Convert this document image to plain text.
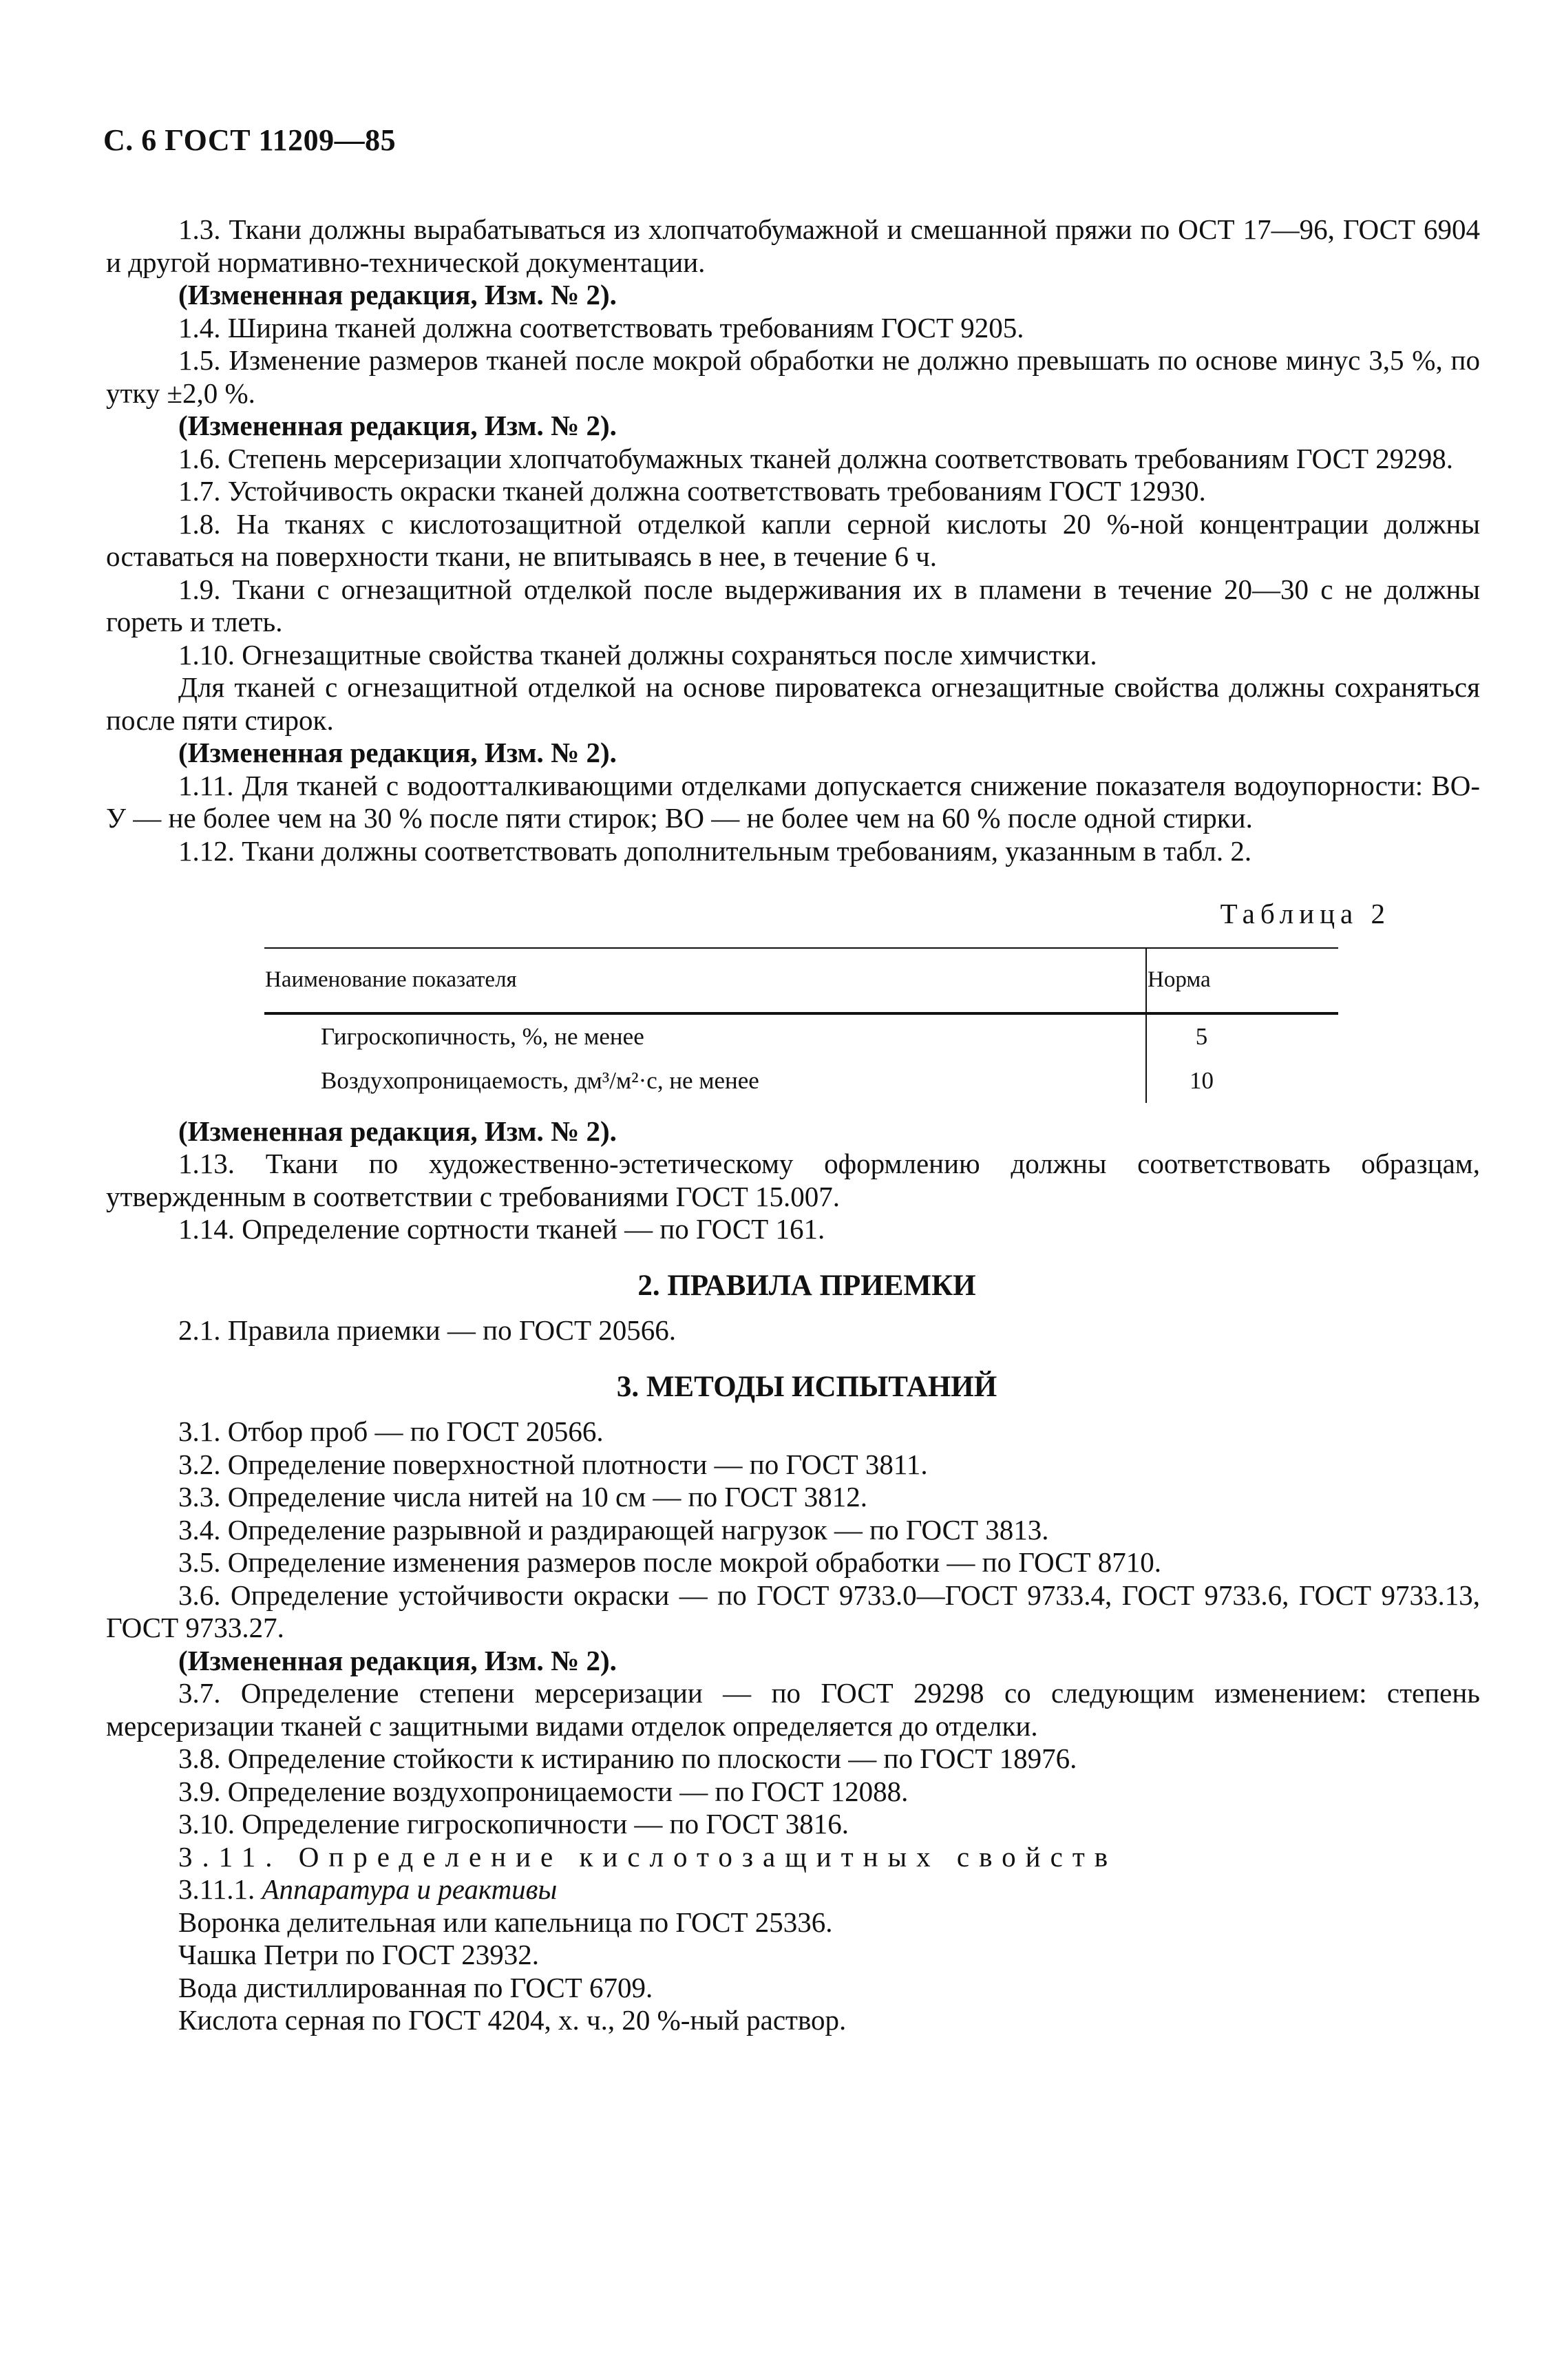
С. 6 ГОСТ 11209—85

1.3. Ткани должны вырабатываться из хлопчатобумажной и смешанной пряжи по ОСТ 17—96, ГОСТ 6904 и другой нормативно-технической документации.

(Измененная редакция, Изм. № 2).

1.4. Ширина тканей должна соответствовать требованиям ГОСТ 9205.

1.5. Изменение размеров тканей после мокрой обработки не должно превышать по основе минус 3,5 %, по утку ±2,0 %.

(Измененная редакция, Изм. № 2).

1.6. Степень мерсеризации хлопчатобумажных тканей должна соответствовать требованиям ГОСТ 29298.

1.7. Устойчивость окраски тканей должна соответствовать требованиям ГОСТ 12930.

1.8. На тканях с кислотозащитной отделкой капли серной кислоты 20 %-ной концентрации должны оставаться на поверхности ткани, не впитываясь в нее, в течение 6 ч.

1.9. Ткани с огнезащитной отделкой после выдерживания их в пламени в течение 20—30 с не должны гореть и тлеть.

1.10. Огнезащитные свойства тканей должны сохраняться после химчистки.

Для тканей с огнезащитной отделкой на основе пироватекса огнезащитные свойства должны сохраняться после пяти стирок.

(Измененная редакция, Изм. № 2).

1.11. Для тканей с водоотталкивающими отделками допускается снижение показателя водоупорности: ВО-У — не более чем на 30 % после пяти стирок; ВО — не более чем на 60 % после одной стирки.

1.12. Ткани должны соответствовать дополнительным требованиям, указанным в табл. 2.

Таблица 2
Наименование показателя	Норма
Гигроскопичность, %, не менее	5
Воздухопроницаемость, дм³/м²·с, не менее	10

(Измененная редакция, Изм. № 2).

1.13. Ткани по художественно-эстетическому оформлению должны соответствовать образцам, утвержденным в соответствии с требованиями ГОСТ 15.007.

1.14. Определение сортности тканей — по ГОСТ 161.

2. ПРАВИЛА ПРИЕМКИ

2.1. Правила приемки — по ГОСТ 20566.

3. МЕТОДЫ ИСПЫТАНИЙ

3.1. Отбор проб — по ГОСТ 20566.

3.2. Определение поверхностной плотности — по ГОСТ 3811.

3.3. Определение числа нитей на 10 см — по ГОСТ 3812.

3.4. Определение разрывной и раздирающей нагрузок — по ГОСТ 3813.

3.5. Определение изменения размеров после мокрой обработки — по ГОСТ 8710.

3.6. Определение устойчивости окраски — по ГОСТ 9733.0—ГОСТ 9733.4, ГОСТ 9733.6, ГОСТ 9733.13, ГОСТ 9733.27.

(Измененная редакция, Изм. № 2).

3.7. Определение степени мерсеризации — по ГОСТ 29298 со следующим изменением: степень мерсеризации тканей с защитными видами отделок определяется до отделки.

3.8. Определение стойкости к истиранию по плоскости — по ГОСТ 18976.

3.9. Определение воздухопроницаемости — по ГОСТ 12088.

3.10. Определение гигроскопичности — по ГОСТ 3816.

3.11. Определение кислотозащитных свойств

3.11.1. Аппаратура и реактивы

Воронка делительная или капельница по ГОСТ 25336.

Чашка Петри по ГОСТ 23932.

Вода дистиллированная по ГОСТ 6709.

Кислота серная по ГОСТ 4204, х. ч., 20 %-ный раствор.
